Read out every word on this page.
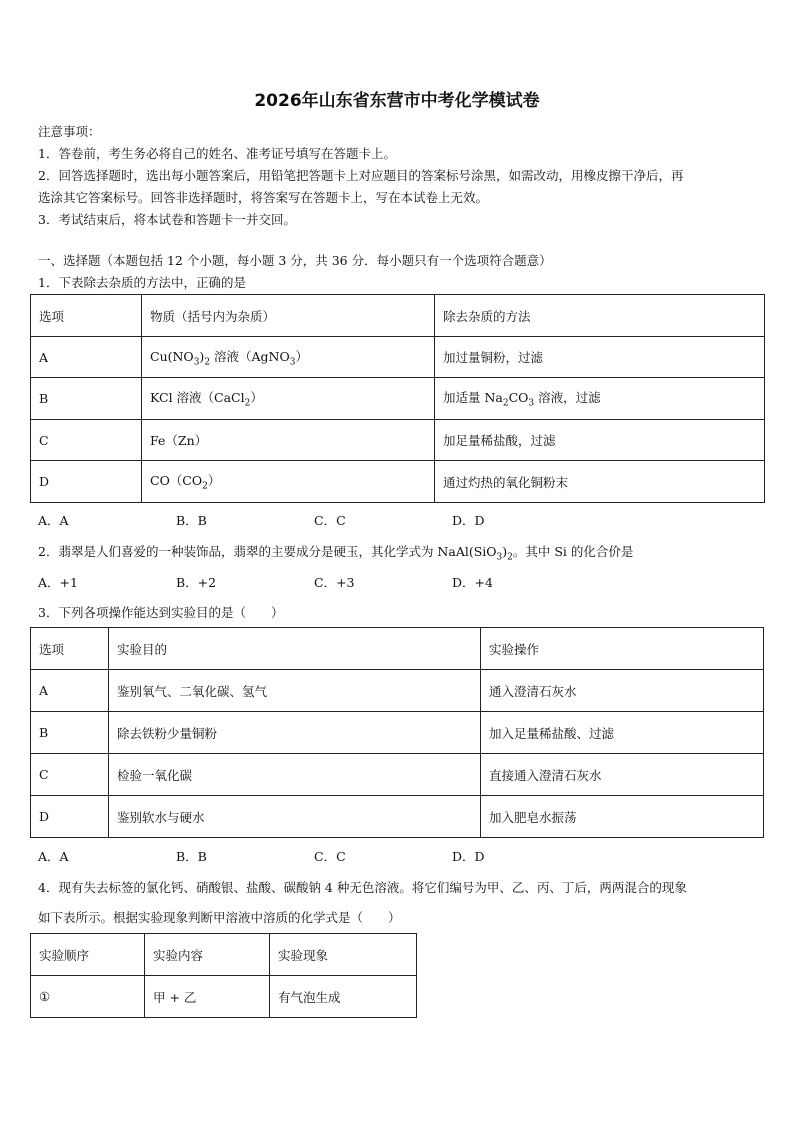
2026年山东省东营市中考化学模试卷
注意事项：
1．答卷前，考生务必将自己的姓名、准考证号填写在答题卡上。
2．回答选择题时，选出每小题答案后，用铅笔把答题卡上对应题目的答案标号涂黑，如需改动，用橡皮擦干净后，再
选涂其它答案标号。回答非选择题时，将答案写在答题卡上，写在本试卷上无效。
3．考试结束后，将本试卷和答题卡一并交回。
一、选择题（本题包括 12 个小题，每小题 3 分，共 36 分．每小题只有一个选项符合题意）
1．下表除去杂质的方法中，正确的是
选项	物质（括号内为杂质）	除去杂质的方法
A	$Cu(NO_3)_2$ 溶液（AgNO$_3$）	加过量铜粉，过滤
B	KCl 溶液（CaCl$_2$）	加适量 $Na_2CO_3$ 溶液，过滤
C	Fe（Zn）	加足量稀盐酸，过滤
D	$CO(CO_2)$	通过灼热的氧化铜粉末
A．A	B．B	C．C	D．D
2．翡翠是人们喜爱的一种装饰品，翡翠的主要成分是硬玉，其化学式为 $NaAl(SiO_3)_2$。其中 Si 的化合价是
A．+1	B．+2	C．+3	D．+4
3．下列各项操作能达到实验目的是（　　）
选项	实验目的	实验操作
A	鉴别氧气、二氧化碳、氢气	通入澄清石灰水
B	除去铁粉少量铜粉	加入足量稀盐酸、过滤
C	检验一氧化碳	直接通入澄清石灰水
D	鉴别软水与硬水	加入肥皂水振荡
A．A	B．B	C．C	D．D
4．现有失去标签的氯化钙、硝酸银、盐酸、碳酸钠 4 种无色溶液。将它们编号为甲、乙、丙、丁后，两两混合的现象
如下表所示。根据实验现象判断甲溶液中溶质的化学式是（　　）
实验顺序	实验内容	实验现象
①	甲 + 乙	有气泡生成
